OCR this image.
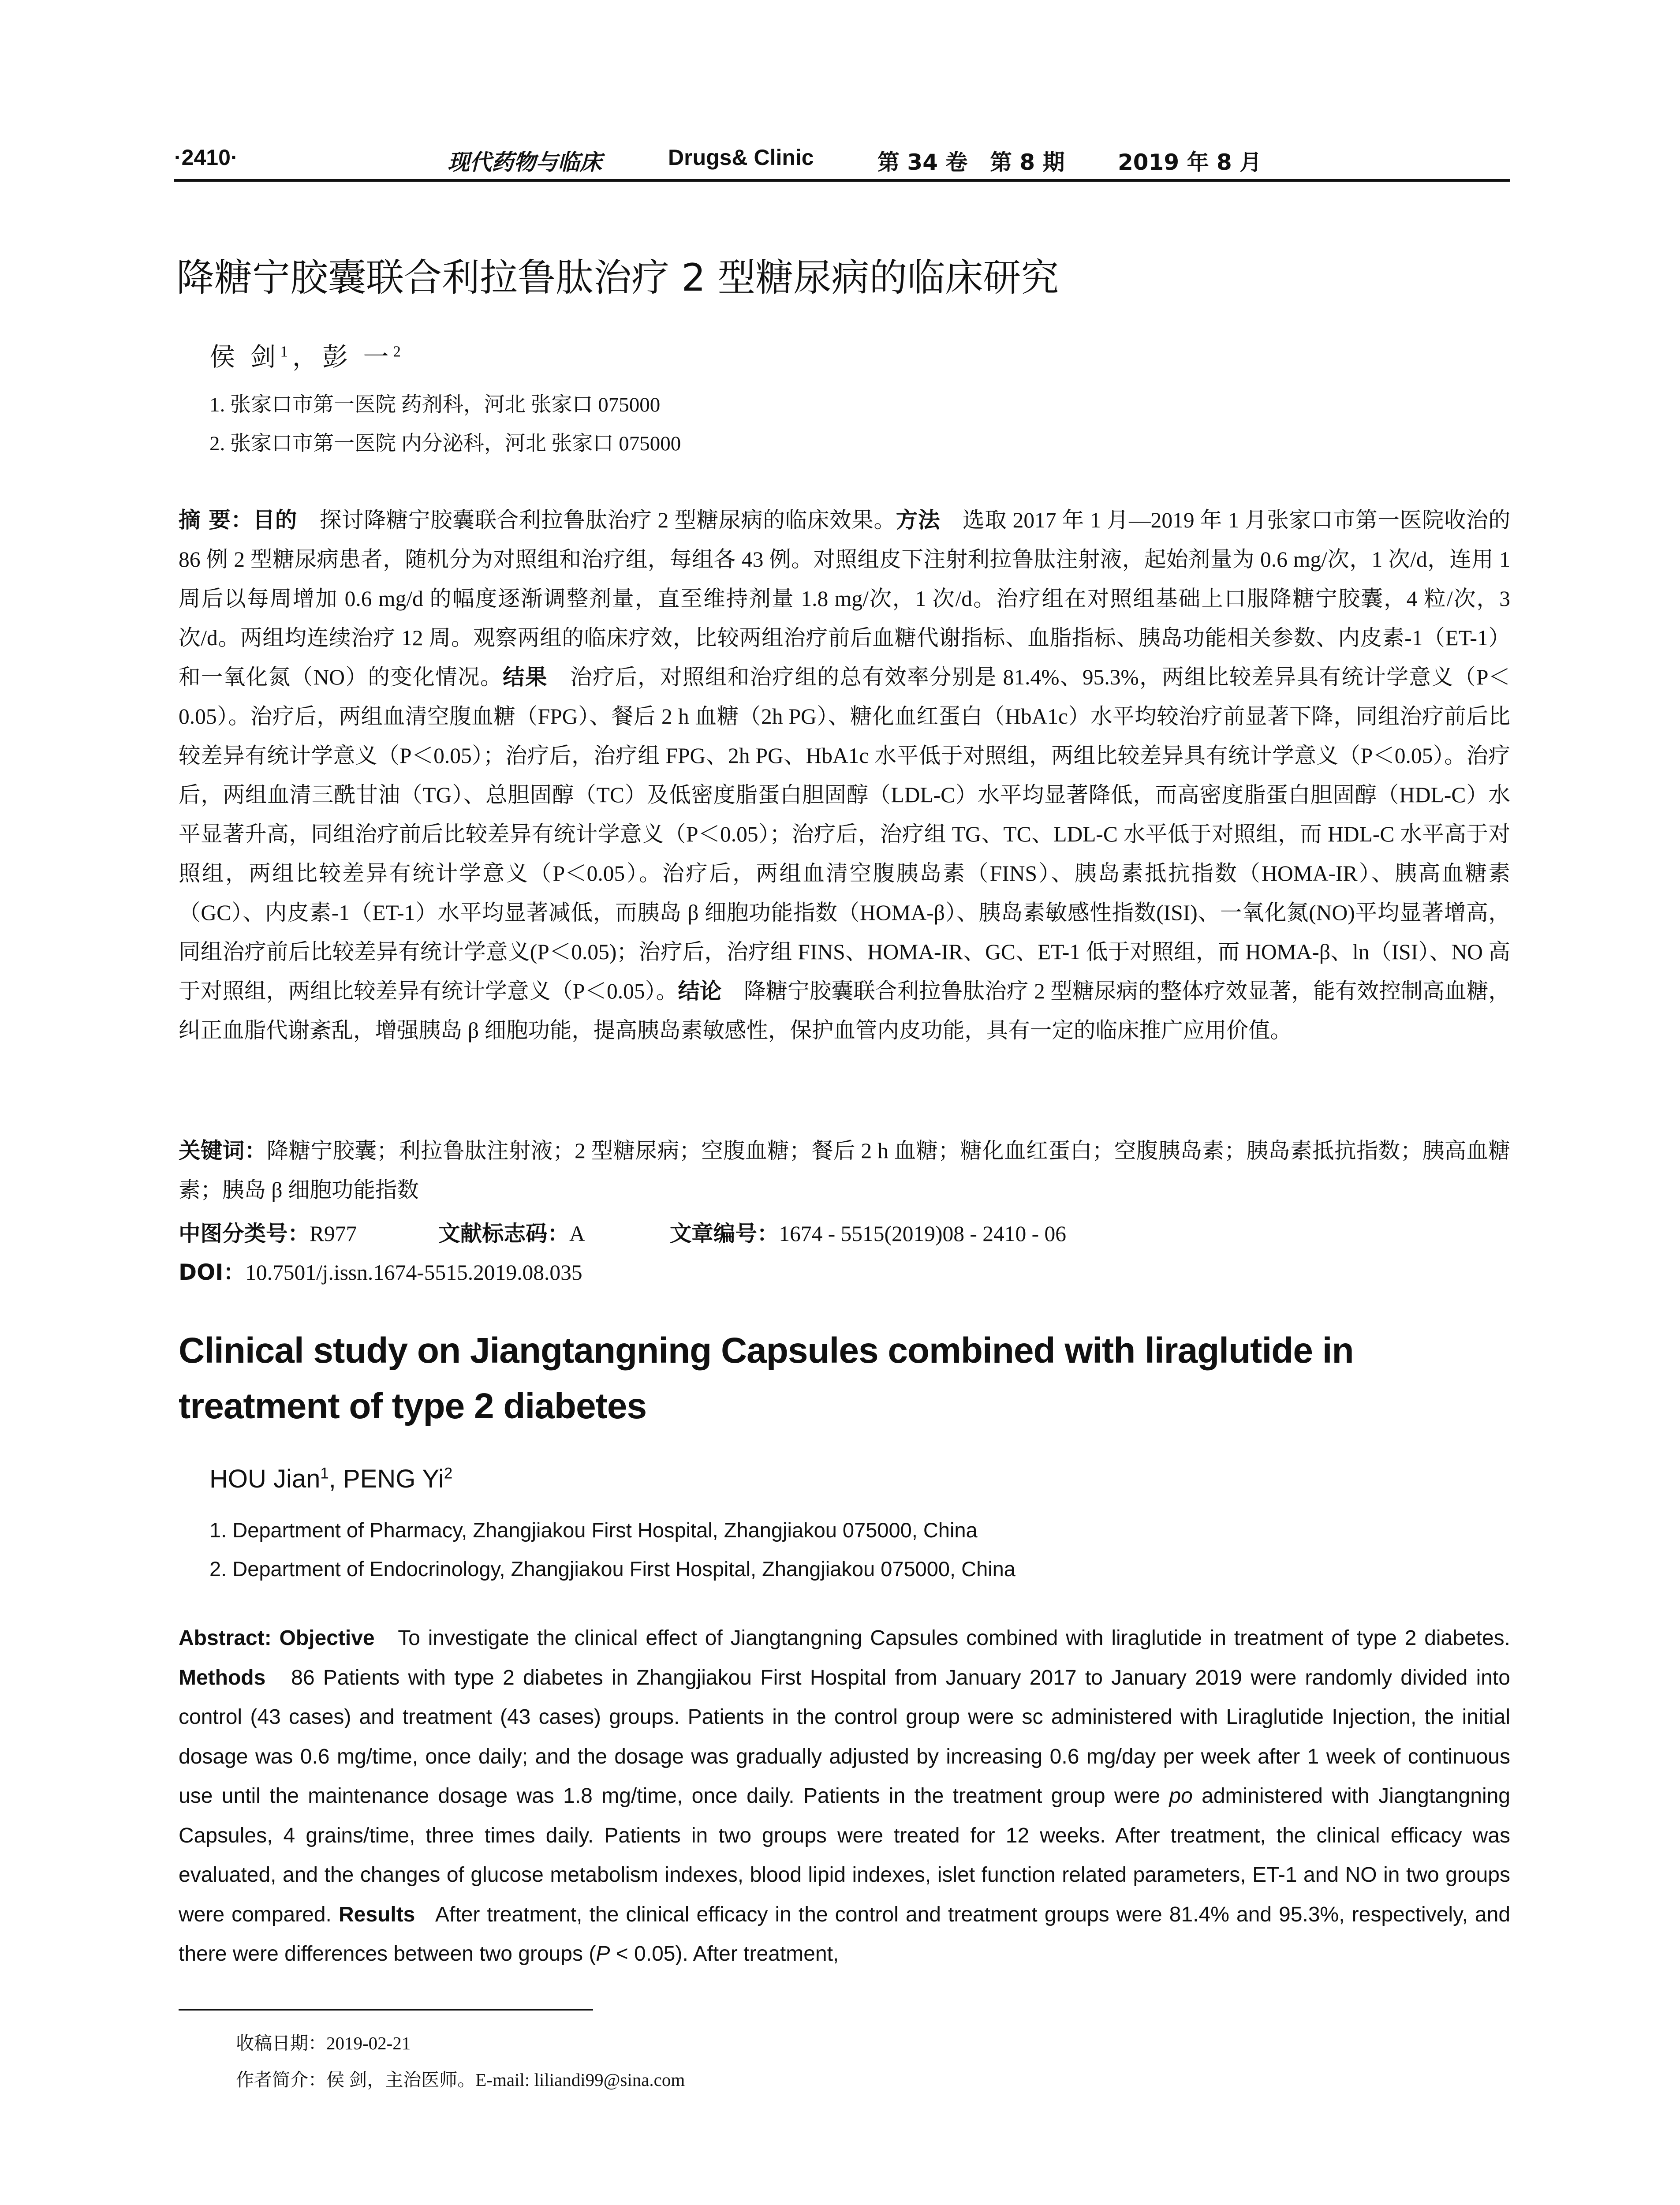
·2410·	现代药物与临床	Drugs& Clinic	第 34 卷 第 8 期 2019 年 8 月
降糖宁胶囊联合利拉鲁肽治疗 2 型糖尿病的临床研究
侯 剑$^1$，彭 一$^2$
1. 张家口市第一医院 药剂科，河北 张家口 075000
2. 张家口市第一医院 内分泌科，河北 张家口 075000
摘 要：目的 探讨降糖宁胶囊联合利拉鲁肽治疗 2 型糖尿病的临床效果。方法 选取 2017 年 1 月—2019 年 1 月张家口市第一医院收治的 86 例 2 型糖尿病患者，随机分为对照组和治疗组，每组各 43 例。对照组皮下注射利拉鲁肽注射液，起始剂量为 0.6 mg/次，1 次/d，连用 1 周后以每周增加 0.6 mg/d 的幅度逐渐调整剂量，直至维持剂量 1.8 mg/次，1 次/d。治疗组在对照组基础上口服降糖宁胶囊，4 粒/次，3 次/d。两组均连续治疗 12 周。观察两组的临床疗效，比较两组治疗前后血糖代谢指标、血脂指标、胰岛功能相关参数、内皮素-1（ET-1）和一氧化氮（NO）的变化情况。结果 治疗后，对照组和治疗组的总有效率分别是 81.4%、95.3%，两组比较差异具有统计学意义（P＜0.05）。治疗后，两组血清空腹血糖（FPG）、餐后 2 h 血糖（2h PG）、糖化血红蛋白（HbA1c）水平均较治疗前显著下降，同组治疗前后比较差异有统计学意义（P＜0.05）；治疗后，治疗组 FPG、2h PG、HbA1c 水平低于对照组，两组比较差异具有统计学意义（P＜0.05）。治疗后，两组血清三酰甘油（TG）、总胆固醇（TC）及低密度脂蛋白胆固醇（LDL-C）水平均显著降低，而高密度脂蛋白胆固醇（HDL-C）水平显著升高，同组治疗前后比较差异有统计学意义（P＜0.05）；治疗后，治疗组 TG、TC、LDL-C 水平低于对照组，而 HDL-C 水平高于对照组，两组比较差异有统计学意义（P＜0.05）。治疗后，两组血清空腹胰岛素（FINS）、胰岛素抵抗指数（HOMA-IR）、胰高血糖素（GC）、内皮素-1（ET-1）水平均显著减低，而胰岛 β 细胞功能指数（HOMA-β）、胰岛素敏感性指数(ISI)、一氧化氮(NO)平均显著增高，同组治疗前后比较差异有统计学意义(P＜0.05)；治疗后，治疗组 FINS、HOMA-IR、GC、ET-1 低于对照组，而 HOMA-β、ln（ISI）、NO 高于对照组，两组比较差异有统计学意义（P＜0.05）。结论 降糖宁胶囊联合利拉鲁肽治疗 2 型糖尿病的整体疗效显著，能有效控制高血糖，纠正血脂代谢紊乱，增强胰岛 β 细胞功能，提高胰岛素敏感性，保护血管内皮功能，具有一定的临床推广应用价值。
关键词：降糖宁胶囊；利拉鲁肽注射液；2 型糖尿病；空腹血糖；餐后 2 h 血糖；糖化血红蛋白；空腹胰岛素；胰岛素抵抗指数；胰高血糖素；胰岛 β 细胞功能指数
中图分类号：R977	文献标志码：A	文章编号：1674 - 5515(2019)08 - 2410 - 06
DOI：10.7501/j.issn.1674-5515.2019.08.035
Clinical study on Jiangtangning Capsules combined with liraglutide in treatment of type 2 diabetes
HOU Jian$^1$, PENG Yi$^2$
1. Department of Pharmacy, Zhangjiakou First Hospital, Zhangjiakou 075000, China
2. Department of Endocrinology, Zhangjiakou First Hospital, Zhangjiakou 075000, China
Abstract: Objective To investigate the clinical effect of Jiangtangning Capsules combined with liraglutide in treatment of type 2 diabetes. Methods 86 Patients with type 2 diabetes in Zhangjiakou First Hospital from January 2017 to January 2019 were randomly divided into control (43 cases) and treatment (43 cases) groups. Patients in the control group were sc administered with Liraglutide Injection, the initial dosage was 0.6 mg/time, once daily; and the dosage was gradually adjusted by increasing 0.6 mg/day per week after 1 week of continuous use until the maintenance dosage was 1.8 mg/time, once daily. Patients in the treatment group were po administered with Jiangtangning Capsules, 4 grains/time, three times daily. Patients in two groups were treated for 12 weeks. After treatment, the clinical efficacy was evaluated, and the changes of glucose metabolism indexes, blood lipid indexes, islet function related parameters, ET-1 and NO in two groups were compared. Results After treatment, the clinical efficacy in the control and treatment groups were 81.4% and 95.3%, respectively, and there were differences between two groups (P < 0.05). After treatment,
收稿日期：2019-02-21
作者简介：侯 剑，主治医师。E-mail: liliandi99@sina.com
